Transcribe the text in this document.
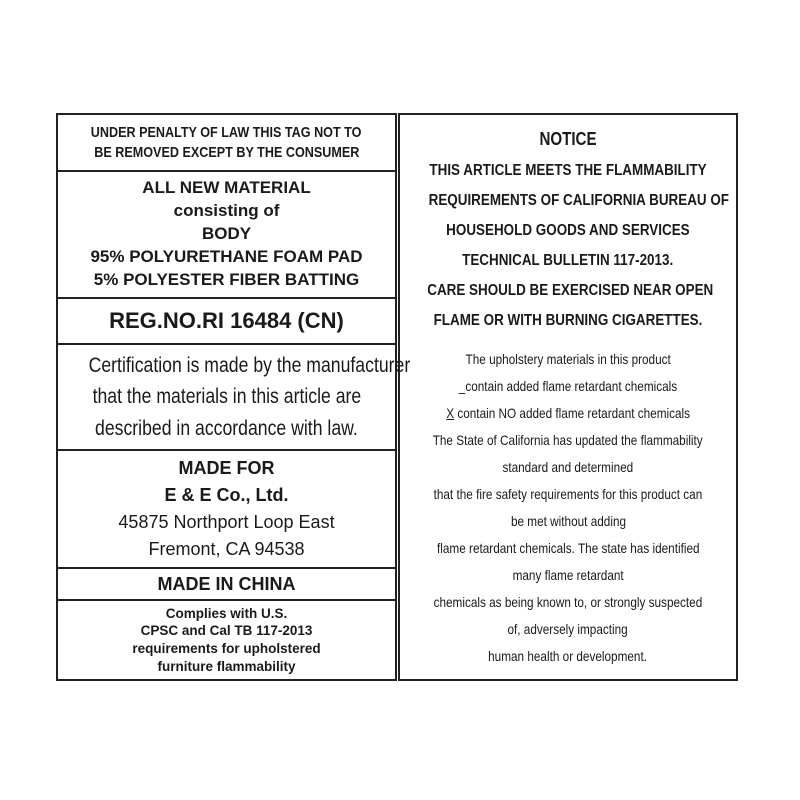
UNDER PENALTY OF LAW THIS TAG NOT TO
BE REMOVED EXCEPT BY THE CONSUMER
ALL NEW MATERIAL
consisting of
BODY
95% POLYURETHANE FOAM PAD
5% POLYESTER FIBER BATTING
REG.NO.RI 16484 (CN)
Certification is made by the manufacturer
that the materials in this article are
described in accordance with law.
MADE FOR
E & E Co., Ltd.
45875 Northport Loop East
Fremont, CA 94538
MADE IN CHINA
Complies with U.S.
CPSC and Cal TB 117-2013
requirements for upholstered
furniture flammability
NOTICE
THIS ARTICLE MEETS THE FLAMMABILITY
REQUIREMENTS OF CALIFORNIA BUREAU OF
HOUSEHOLD GOODS AND SERVICES
TECHNICAL BULLETIN 117-2013.
CARE SHOULD BE EXERCISED NEAR OPEN
FLAME OR WITH BURNING CIGARETTES.
The upholstery materials in this product
_contain added flame retardant chemicals
X contain NO added flame retardant chemicals
The State of California has updated the flammability
standard and determined
that the fire safety requirements for this product can
be met without adding
flame retardant chemicals. The state has identified
many flame retardant
chemicals as being known to, or strongly suspected
of, adversely impacting
human health or development.
